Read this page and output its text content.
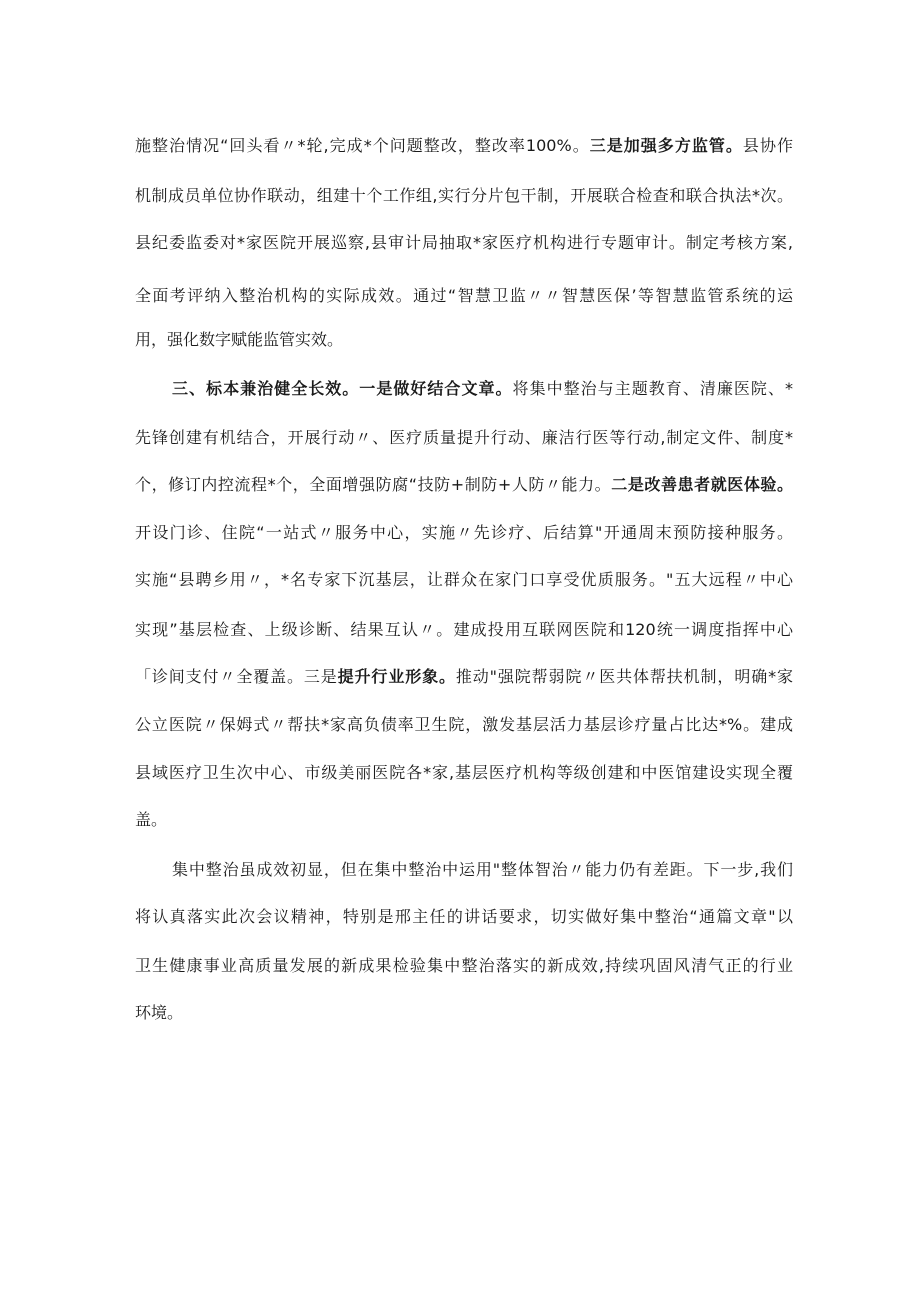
施整治情况“回头看〃*轮,完成*个问题整改，整改率100%。三是加强多方监管。县协作
机制成员单位协作联动，组建十个工作组,实行分片包干制，开展联合检查和联合执法*次。
县纪委监委对*家医院开展巡察,县审计局抽取*家医疗机构进行专题审计。制定考核方案,
全面考评纳入整治机构的实际成效。通过“智慧卫监〃〃智慧医保’等智慧监管系统的运
用，强化数字赋能监管实效。
三、标本兼治健全长效。一是做好结合文章。将集中整治与主题教育、清廉医院、*
先锋创建有机结合，开展行动〃、医疗质量提升行动、廉洁行医等行动,制定文件、制度*
个，修订内控流程*个，全面增强防腐“技防+制防+人防〃能力。二是改善患者就医体验。
开设门诊、住院“一站式〃服务中心，实施〃先诊疗、后结算"开通周末预防接种服务。
实施“县聘乡用〃，*名专家下沉基层，让群众在家门口享受优质服务。"五大远程〃中心
实现”基层检查、上级诊断、结果互认〃。建成投用互联网医院和120统一调度指挥中心
「诊间支付〃全覆盖。三是提升行业形象。推动"强院帮弱院〃医共体帮扶机制，明确*家
公立医院〃保姆式〃帮扶*家高负债率卫生院，激发基层活力基层诊疗量占比达*%。建成
县域医疗卫生次中心、市级美丽医院各*家,基层医疗机构等级创建和中医馆建设实现全覆
盖。
集中整治虽成效初显，但在集中整治中运用"整体智治〃能力仍有差距。下一步,我们
将认真落实此次会议精神，特别是邢主任的讲话要求，切实做好集中整治“通篇文章"以
卫生健康事业高质量发展的新成果检验集中整治落实的新成效,持续巩固风清气正的行业
环境。
